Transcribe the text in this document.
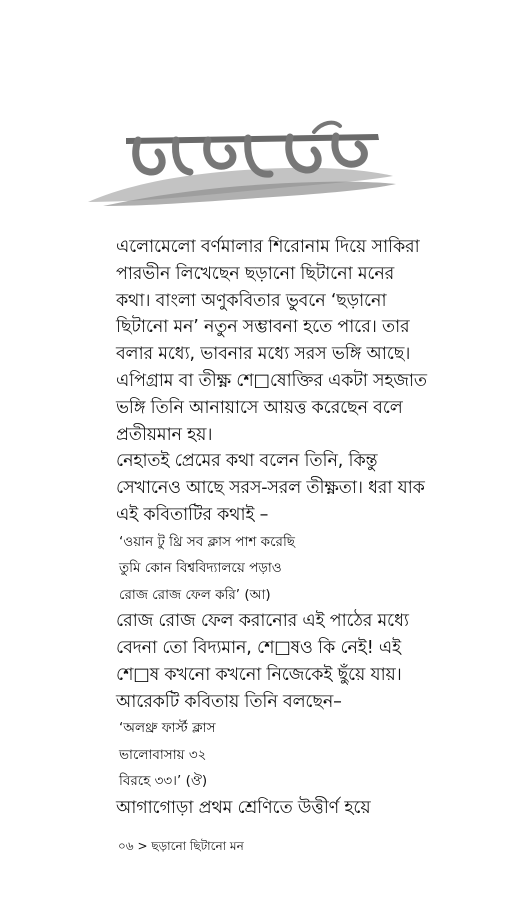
এলোমেলো বর্ণমালার শিরোনাম দিয়ে সাকিরা
পারভীন লিখেছেন ছড়ানো ছিটানো মনের
কথা। বাংলা অণুকবিতার ভুবনে ‘ছড়ানো
ছিটানো মন’ নতুন সম্ভাবনা হতে পারে। তার
বলার মধ্যে, ভাবনার মধ্যে সরস ভঙ্গি আছে।
এপিগ্রাম বা তীক্ষ্ণ শে□ষোক্তির একটা সহজাত
ভঙ্গি তিনি আনায়াসে আয়ত্ত করেছেন বলে
প্রতীয়মান হয়।
নেহাতই প্রেমের কথা বলেন তিনি, কিন্তু
সেখানেও আছে সরস-সরল তীক্ষ্ণতা। ধরা যাক
এই কবিতাটির কথাই –
‘ওয়ান টু থ্রি সব ক্লাস পাশ করেছি
তুমি কোন বিশ্ববিদ্যালয়ে পড়াও
রোজ রোজ ফেল করি’ (আ)
রোজ রোজ ফেল করানোর এই পাঠের মধ্যে
বেদনা তো বিদ্যমান, শে□ষও কি নেই! এই
শে□ষ কখনো কখনো নিজেকেই ছুঁয়ে যায়।
আরেকটি কবিতায় তিনি বলছেন–
‘অলথ্রু ফার্স্ট ক্লাস
ভালোবাসায় ৩২
বিরহে ৩৩।’ (ঔ)
আগাগোড়া প্রথম শ্রেণিতে উত্তীর্ণ হয়ে
০৬ > ছড়ানো ছিটানো মন
